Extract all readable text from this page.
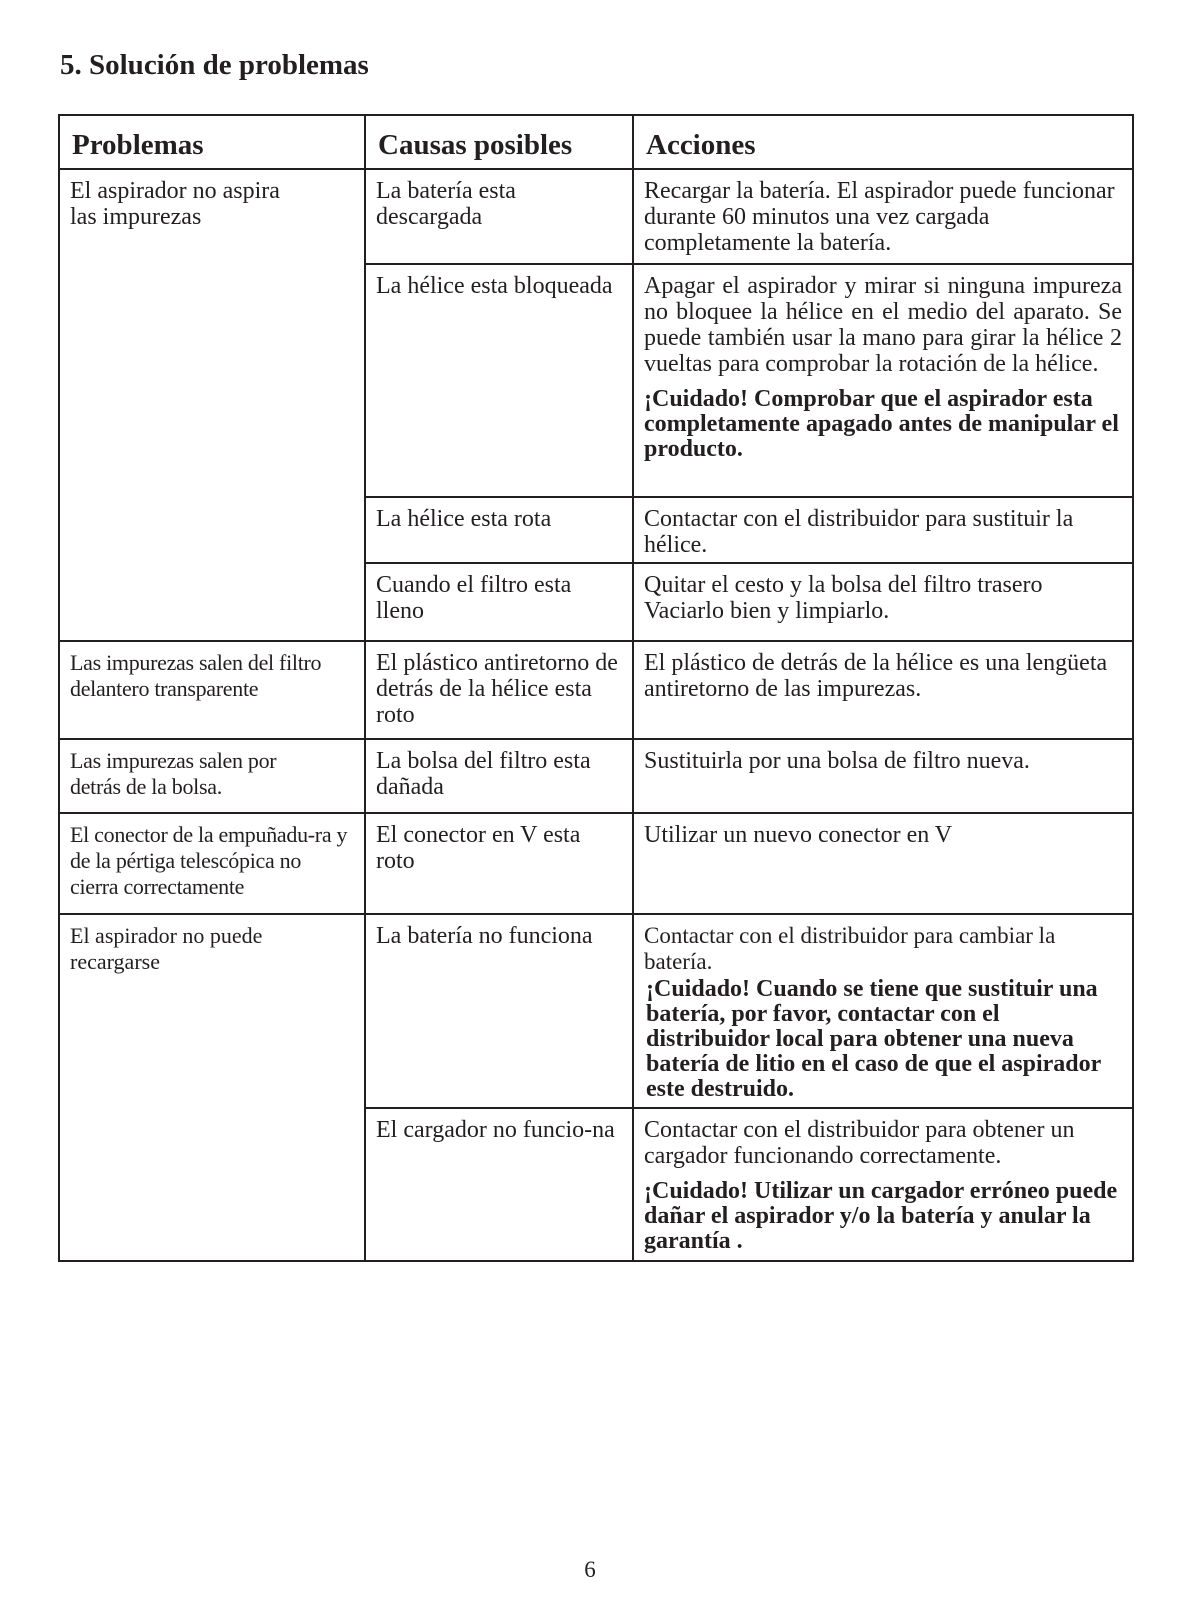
5. Solución de problemas
Problemas	Causas posibles	Acciones
El aspirador no aspira las impurezas	La batería esta descargada	Recargar la batería. El aspirador puede funcionar durante 60 minutos una vez cargada completamente la batería.
	La hélice esta bloqueada	Apagar el aspirador y mirar si ninguna impureza no bloquee la hélice en el medio del aparato. Se puede también usar la mano para girar la hélice 2 vueltas para comprobar la rotación de la hélice.
¡Cuidado! Comprobar que el aspirador esta completamente apagado antes de manipular el producto.

	La hélice esta rota	Contactar con el distribuidor para sustituir la hélice.
	Cuando el filtro esta lleno	Quitar el cesto y la bolsa del filtro trasero Vaciarlo bien y limpiarlo.
Las impurezas salen del filtro delantero transparente	El plástico antiretorno de detrás de la hélice esta roto	El plástico de detrás de la hélice es una lengüeta antiretorno de las impurezas.
Las impurezas salen por detrás de la bolsa.	La bolsa del filtro esta dañada	Sustituirla por una bolsa de filtro nueva.
El conector de la empuñadu-ra y de la pértiga telescópica no cierra correctamente	El conector en V esta roto	Utilizar un nuevo conector en V
El aspirador no puede recargarse	La batería no funciona	Contactar con el distribuidor para cambiar la batería.
¡Cuidado! Cuando se tiene que sustituir una batería, por favor, contactar con el distribuidor local para obtener una nueva batería de litio en el caso de que el aspirador este destruido.

	El cargador no funcio-na	Contactar con el distribuidor para obtener un cargador funcionando correctamente.
¡Cuidado! Utilizar un cargador erróneo puede dañar el aspirador y/o la batería y anular la garantía .
6
